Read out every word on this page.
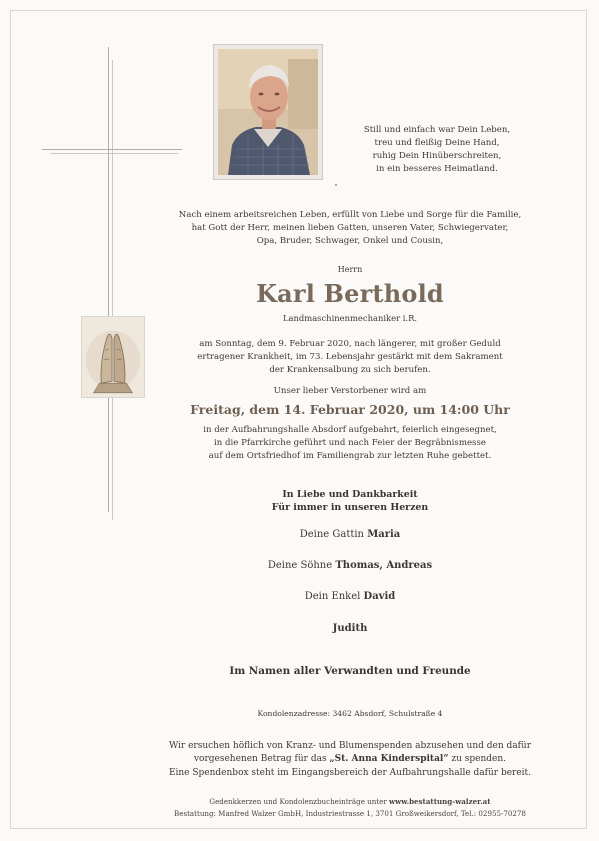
Still und einfach war Dein Leben,
treu und fleißig Deine Hand,
ruhig Dein Hinüberschreiten,
in ein besseres Heimatland.
Nach einem arbeitsreichen Leben, erfüllt von Liebe und Sorge für die Familie,
hat Gott der Herr, meinen lieben Gatten, unseren Vater, Schwiegervater,
Opa, Bruder, Schwager, Onkel und Cousin,
Herrn
Karl Berthold
Landmaschinenmechaniker i.R.
am Sonntag, dem 9. Februar 2020, nach längerer, mit großer Geduld
ertragener Krankheit, im 73. Lebensjahr gestärkt mit dem Sakrament
der Krankensalbung zu sich berufen.
Unser lieber Verstorbener wird am
Freitag, dem 14. Februar 2020, um 14:00 Uhr
in der Aufbahrungshalle Absdorf aufgebahrt, feierlich eingesegnet,
in die Pfarrkirche geführt und nach Feier der Begräbnismesse
auf dem Ortsfriedhof im Familiengrab zur letzten Ruhe gebettet.
In Liebe und Dankbarkeit
Für immer in unseren Herzen
Deine Gattin Maria
Deine Söhne Thomas, Andreas
Dein Enkel David
Judith
Im Namen aller Verwandten und Freunde
Kondolenzadresse: 3462 Absdorf, Schulstraße 4
Wir ersuchen höflich von Kranz- und Blumenspenden abzusehen und den dafür
vorgesehenen Betrag für das „St. Anna Kinderspital“ zu spenden.
Eine Spendenbox steht im Eingangsbereich der Aufbahrungshalle dafür bereit.
Gedenkkerzen und Kondolenzbucheinträge unter www.bestattung-walzer.at
Bestattung: Manfred Walzer GmbH, Industriestrasse 1, 3701 Großweikersdorf, Tel.: 02955-70278
